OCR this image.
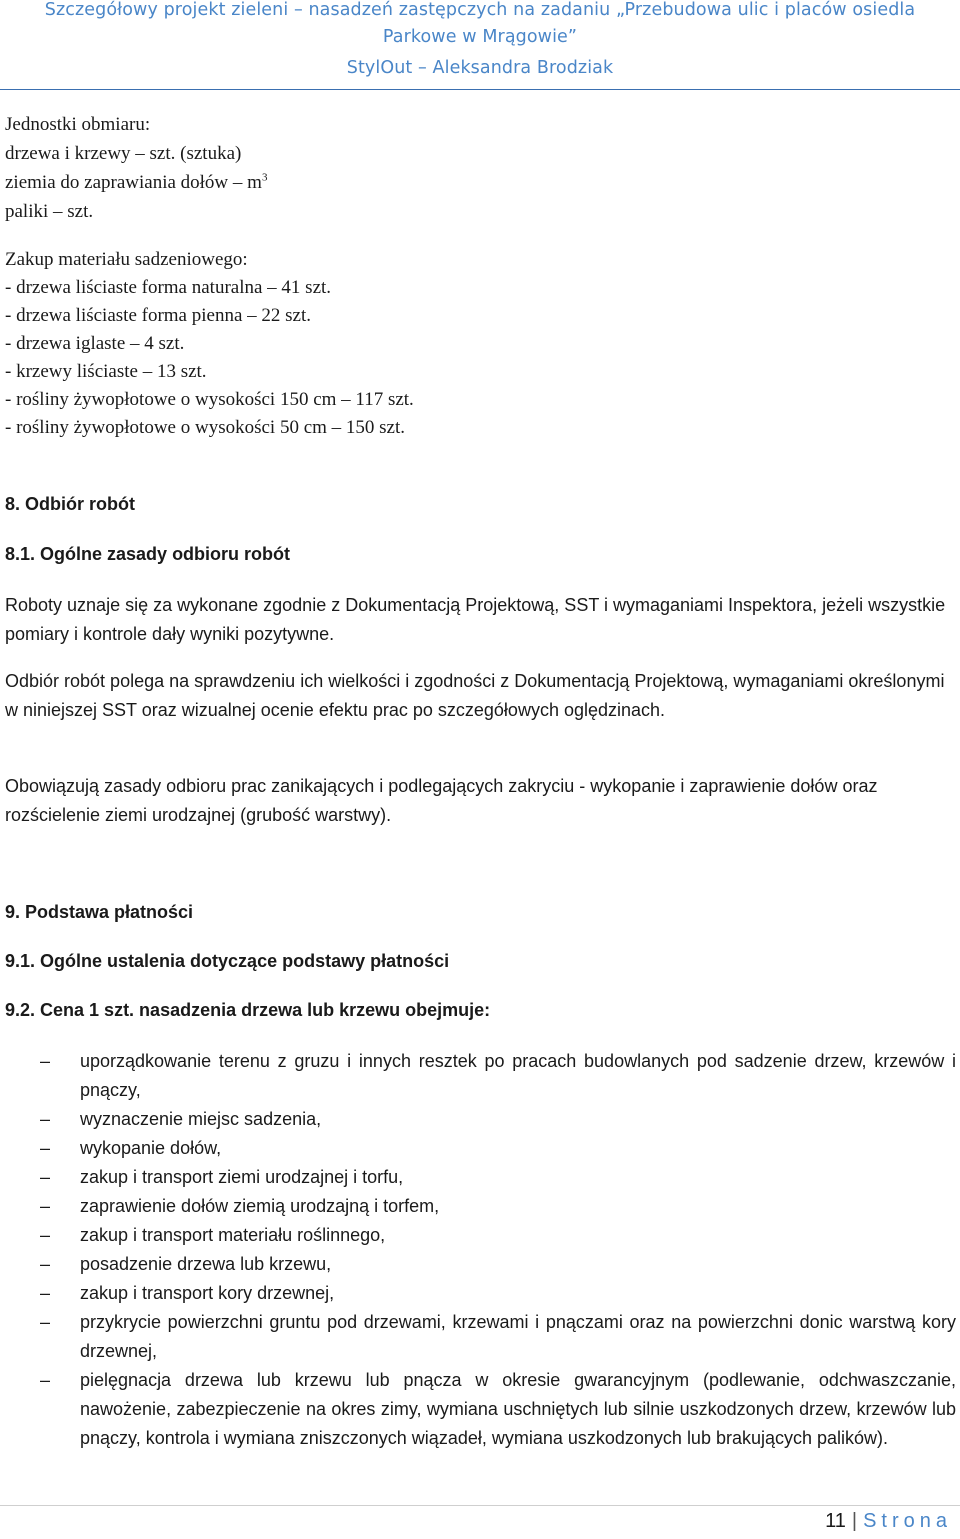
Szczegółowy projekt zieleni – nasadzeń zastępczych na zadaniu „Przebudowa ulic i placów osiedla
Parkowe w Mrągowie”
StylOut – Aleksandra Brodziak
Jednostki obmiaru:
drzewa i krzewy – szt. (sztuka)
ziemia do zaprawiania dołów – $m^3$
paliki – szt.
Zakup materiału sadzeniowego:
- drzewa liściaste forma naturalna – 41 szt.
- drzewa liściaste forma pienna – 22 szt.
- drzewa iglaste – 4 szt.
- krzewy liściaste – 13 szt.
- rośliny żywopłotowe o wysokości 150 cm – 117 szt.
- rośliny żywopłotowe o wysokości 50 cm – 150 szt.
8. Odbiór robót
8.1. Ogólne zasady odbioru robót
Roboty uznaje się za wykonane zgodnie z Dokumentacją Projektową, SST i wymaganiami Inspektora, jeżeli wszystkie pomiary i kontrole dały wyniki pozytywne.
Odbiór robót polega na sprawdzeniu ich wielkości i zgodności z Dokumentacją Projektową, wymaganiami określonymi w niniejszej SST oraz wizualnej ocenie efektu prac po szczegółowych oględzinach.
Obowiązują zasady odbioru prac zanikających i podlegających zakryciu - wykopanie i zaprawienie dołów oraz rozścielenie ziemi urodzajnej (grubość warstwy).
9. Podstawa płatności
9.1. Ogólne ustalenia dotyczące podstawy płatności
9.2. Cena 1 szt. nasadzenia drzewa lub krzewu obejmuje:
– uporządkowanie terenu z gruzu i innych resztek po pracach budowlanych pod sadzenie drzew, krzewów i pnączy,
– wyznaczenie miejsc sadzenia,
– wykopanie dołów,
– zakup i transport ziemi urodzajnej i torfu,
– zaprawienie dołów ziemią urodzajną i torfem,
– zakup i transport materiału roślinnego,
– posadzenie drzewa lub krzewu,
– zakup i transport kory drzewnej,
– przykrycie powierzchni gruntu pod drzewami, krzewami i pnączami oraz na powierzchni donic warstwą kory drzewnej,
– pielęgnacja drzewa lub krzewu lub pnącza w okresie gwarancyjnym (podlewanie, odchwaszczanie, nawożenie, zabezpieczenie na okres zimy, wymiana uschniętych lub silnie uszkodzonych drzew, krzewów lub pnączy, kontrola i wymiana zniszczonych wiązadeł, wymiana uszkodzonych lub brakujących palików).
11 | Strona
